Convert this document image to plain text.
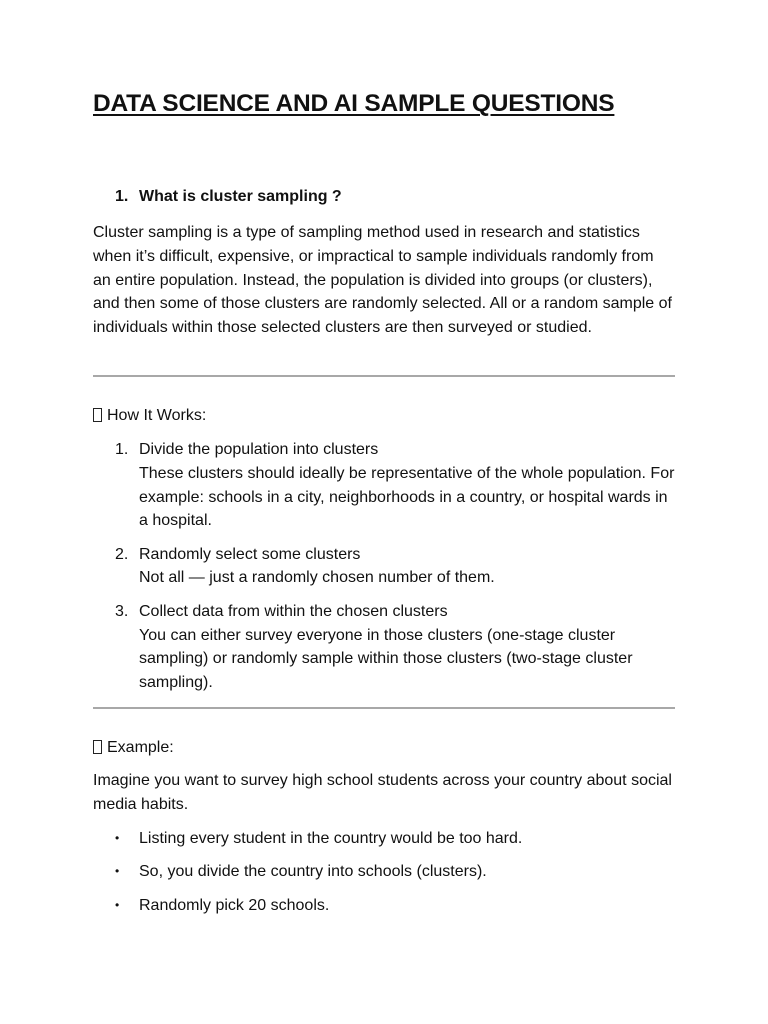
DATA SCIENCE AND AI SAMPLE QUESTIONS
1. What is cluster sampling ?

Cluster sampling is a type of sampling method used in research and statistics when it’s difficult, expensive, or impractical to sample individuals randomly from an entire population. Instead, the population is divided into groups (or clusters), and then some of those clusters are randomly selected. All or a random sample of individuals within those selected clusters are then surveyed or studied.

How It Works:
1. Divide the population into clusters
These clusters should ideally be representative of the whole population. For example: schools in a city, neighborhoods in a country, or hospital wards in a hospital.
2. Randomly select some clusters
Not all — just a randomly chosen number of them.
3. Collect data from within the chosen clusters
You can either survey everyone in those clusters (one-stage cluster sampling) or randomly sample within those clusters (two-stage cluster sampling).
Example:

Imagine you want to survey high school students across your country about social media habits.

• Listing every student in the country would be too hard.
• So, you divide the country into schools (clusters).
• Randomly pick 20 schools.
